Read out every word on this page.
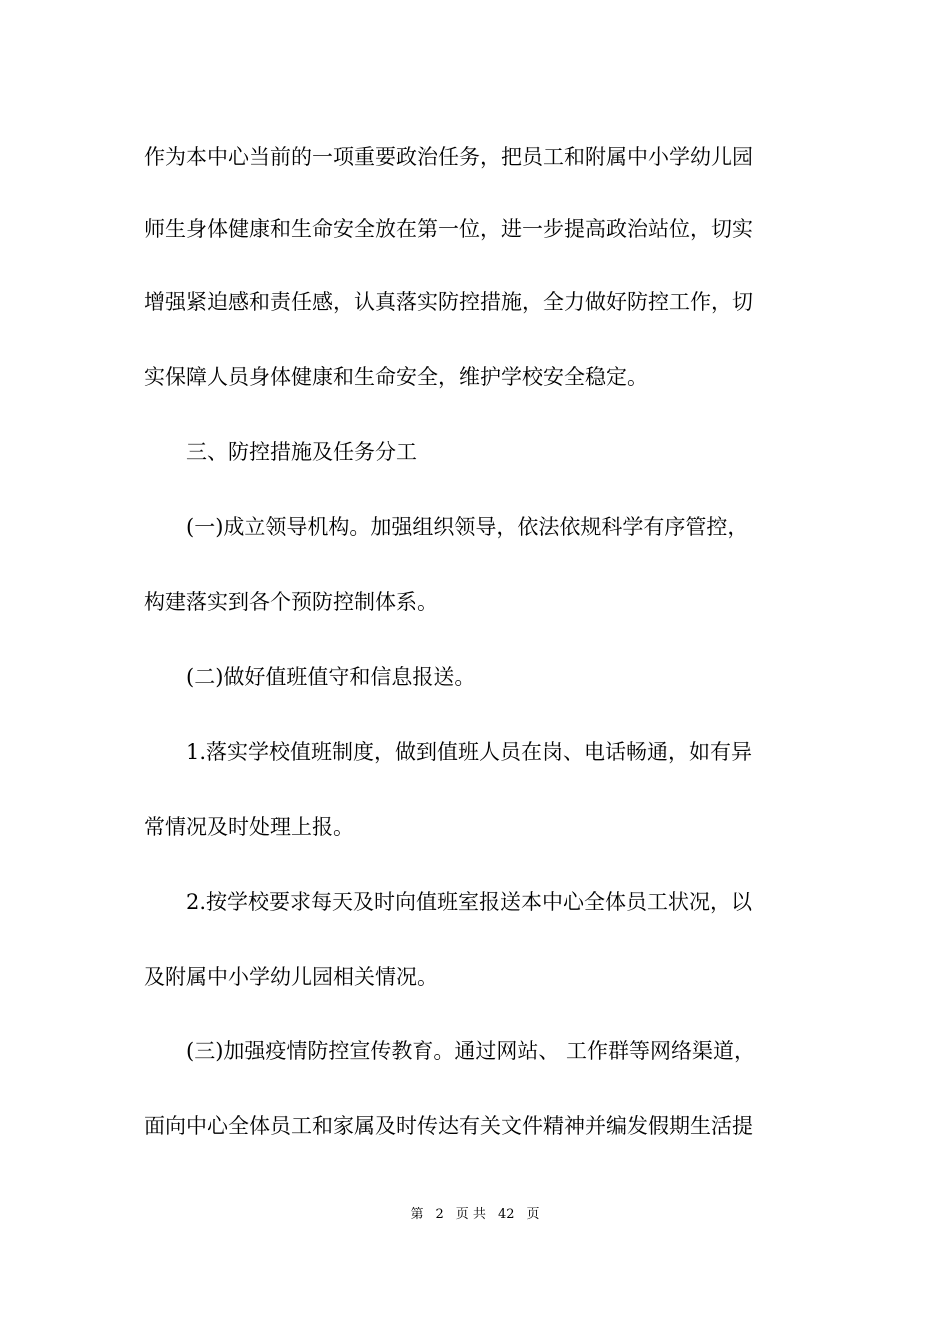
作为本中心当前的一项重要政治任务，把员工和附属中小学幼儿园
师生身体健康和生命安全放在第一位，进一步提高政治站位，切实
增强紧迫感和责任感，认真落实防控措施，全力做好防控工作，切
实保障人员身体健康和生命安全，维护学校安全稳定。
三、防控措施及任务分工
(一)成立领导机构。加强组织领导，依法依规科学有序管控，
构建落实到各个预防控制体系。
(二)做好值班值守和信息报送。
1.落实学校值班制度，做到值班人员在岗、电话畅通，如有异
常情况及时处理上报。
2.按学校要求每天及时向值班室报送本中心全体员工状况，以
及附属中小学幼儿园相关情况。
(三)加强疫情防控宣传教育。通过网站、 工作群等网络渠道，
面向中心全体员工和家属及时传达有关文件精神并编发假期生活提
第 2 页 共 42 页
